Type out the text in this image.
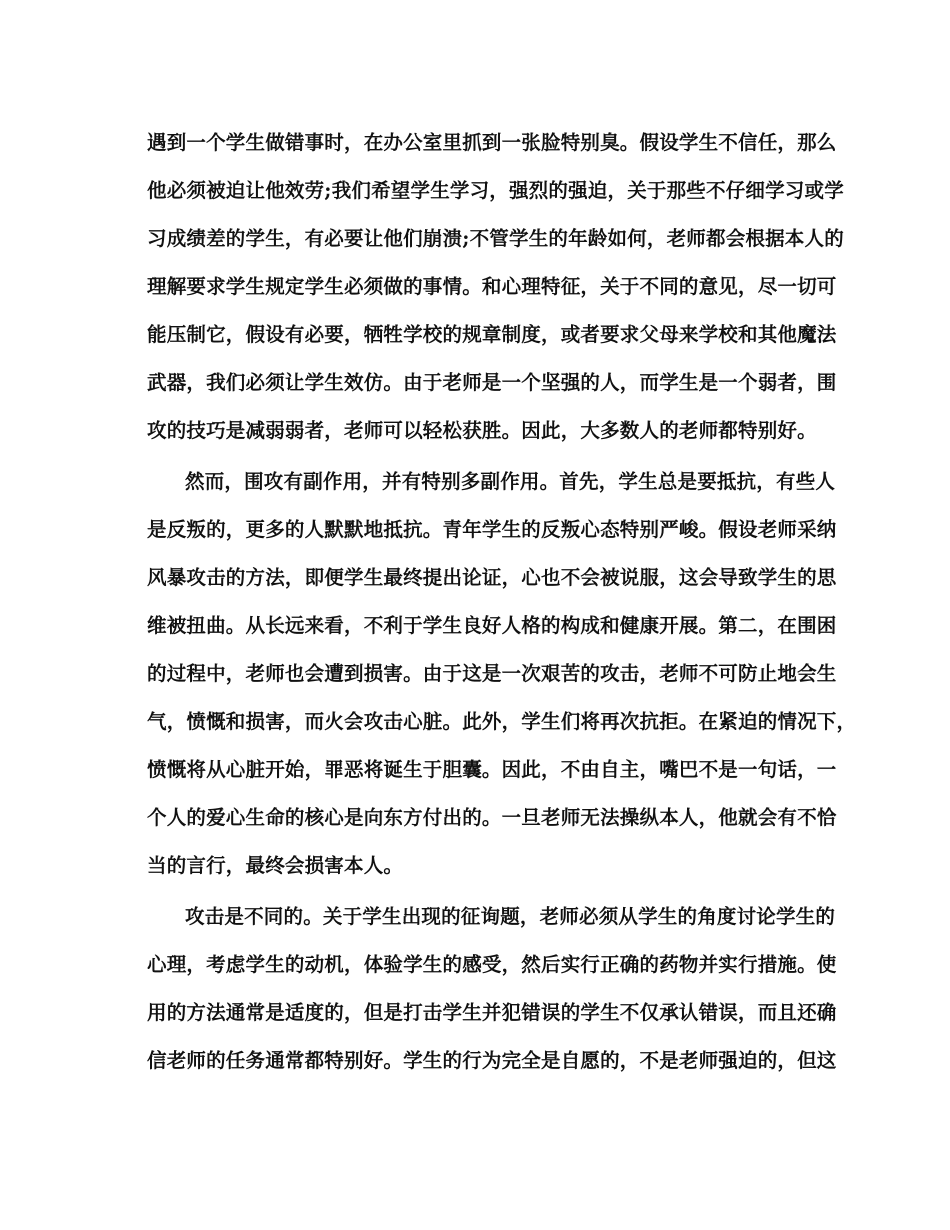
遇到一个学生做错事时，在办公室里抓到一张脸特别臭。假设学生不信任，那么
他必须被迫让他效劳;我们希望学生学习，强烈的强迫，关于那些不仔细学习或学
习成绩差的学生，有必要让他们崩溃;不管学生的年龄如何，老师都会根据本人的
理解要求学生规定学生必须做的事情。和心理特征，关于不同的意见，尽一切可
能压制它，假设有必要，牺牲学校的规章制度，或者要求父母来学校和其他魔法
武器，我们必须让学生效仿。由于老师是一个坚强的人，而学生是一个弱者，围
攻的技巧是减弱弱者，老师可以轻松获胜。因此，大多数人的老师都特别好。
然而，围攻有副作用，并有特别多副作用。首先，学生总是要抵抗，有些人
是反叛的，更多的人默默地抵抗。青年学生的反叛心态特别严峻。假设老师采纳
风暴攻击的方法，即便学生最终提出论证，心也不会被说服，这会导致学生的思
维被扭曲。从长远来看，不利于学生良好人格的构成和健康开展。第二，在围困
的过程中，老师也会遭到损害。由于这是一次艰苦的攻击，老师不可防止地会生
气，愤慨和损害，而火会攻击心脏。此外，学生们将再次抗拒。在紧迫的情况下，
愤慨将从心脏开始，罪恶将诞生于胆囊。因此，不由自主，嘴巴不是一句话，一
个人的爱心生命的核心是向东方付出的。一旦老师无法操纵本人，他就会有不恰
当的言行，最终会损害本人。
攻击是不同的。关于学生出现的征询题，老师必须从学生的角度讨论学生的
心理，考虑学生的动机，体验学生的感受，然后实行正确的药物并实行措施。使
用的方法通常是适度的，但是打击学生并犯错误的学生不仅承认错误，而且还确
信老师的任务通常都特别好。学生的行为完全是自愿的，不是老师强迫的，但这
